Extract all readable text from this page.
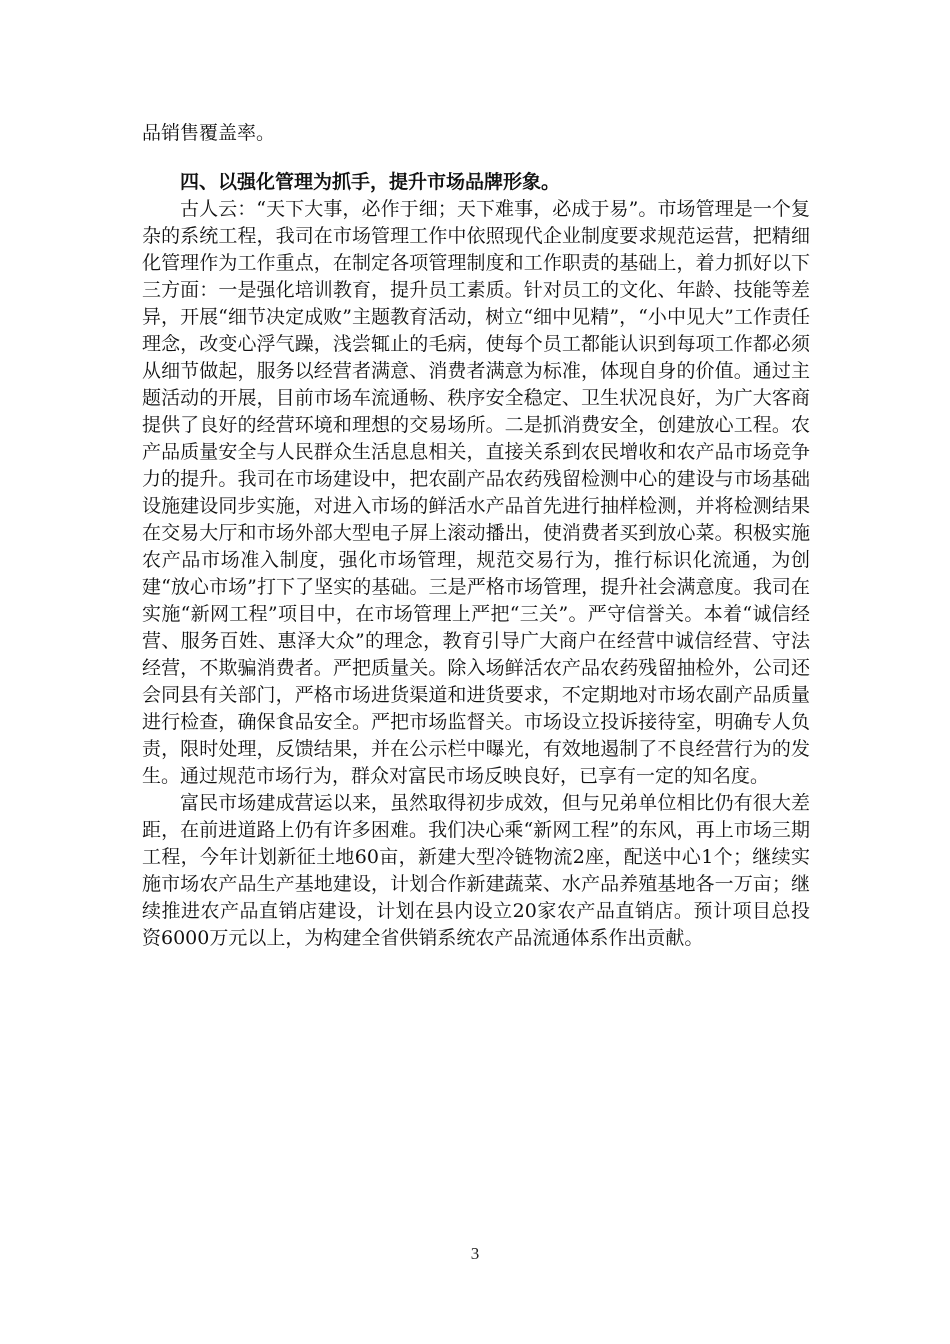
品销售覆盖率。

四、以强化管理为抓手，提升市场品牌形象。

古人云：“天下大事，必作于细；天下难事，必成于易”。市场管理是一个复杂的系统工程，我司在市场管理工作中依照现代企业制度要求规范运营，把精细化管理作为工作重点，在制定各项管理制度和工作职责的基础上，着力抓好以下三方面：一是强化培训教育，提升员工素质。针对员工的文化、年龄、技能等差异，开展“细节决定成败”主题教育活动，树立“细中见精”，“小中见大”工作责任理念，改变心浮气躁，浅尝辄止的毛病，使每个员工都能认识到每项工作都必须从细节做起，服务以经营者满意、消费者满意为标准，体现自身的价值。通过主题活动的开展，目前市场车流通畅、秩序安全稳定、卫生状况良好，为广大客商提供了良好的经营环境和理想的交易场所。二是抓消费安全，创建放心工程。农产品质量安全与人民群众生活息息相关，直接关系到农民增收和农产品市场竞争力的提升。我司在市场建设中，把农副产品农药残留检测中心的建设与市场基础设施建设同步实施，对进入市场的鲜活水产品首先进行抽样检测，并将检测结果在交易大厅和市场外部大型电子屏上滚动播出，使消费者买到放心菜。积极实施农产品市场准入制度，强化市场管理，规范交易行为，推行标识化流通，为创建“放心市场”打下了坚实的基础。三是严格市场管理，提升社会满意度。我司在实施“新网工程”项目中，在市场管理上严把“三关”。严守信誉关。本着“诚信经营、服务百姓、惠泽大众”的理念，教育引导广大商户在经营中诚信经营、守法经营，不欺骗消费者。严把质量关。除入场鲜活农产品农药残留抽检外，公司还会同县有关部门，严格市场进货渠道和进货要求，不定期地对市场农副产品质量进行检查，确保食品安全。严把市场监督关。市场设立投诉接待室，明确专人负责，限时处理，反馈结果，并在公示栏中曝光，有效地遏制了不良经营行为的发生。通过规范市场行为，群众对富民市场反映良好，已享有一定的知名度。

富民市场建成营运以来，虽然取得初步成效，但与兄弟单位相比仍有很大差距，在前进道路上仍有许多困难。我们决心乘“新网工程”的东风，再上市场三期工程，今年计划新征土地60亩，新建大型冷链物流2座，配送中心1个；继续实施市场农产品生产基地建设，计划合作新建蔬菜、水产品养殖基地各一万亩；继续推进农产品直销店建设，计划在县内设立20家农产品直销店。预计项目总投资6000万元以上，为构建全省供销系统农产品流通体系作出贡献。

3
